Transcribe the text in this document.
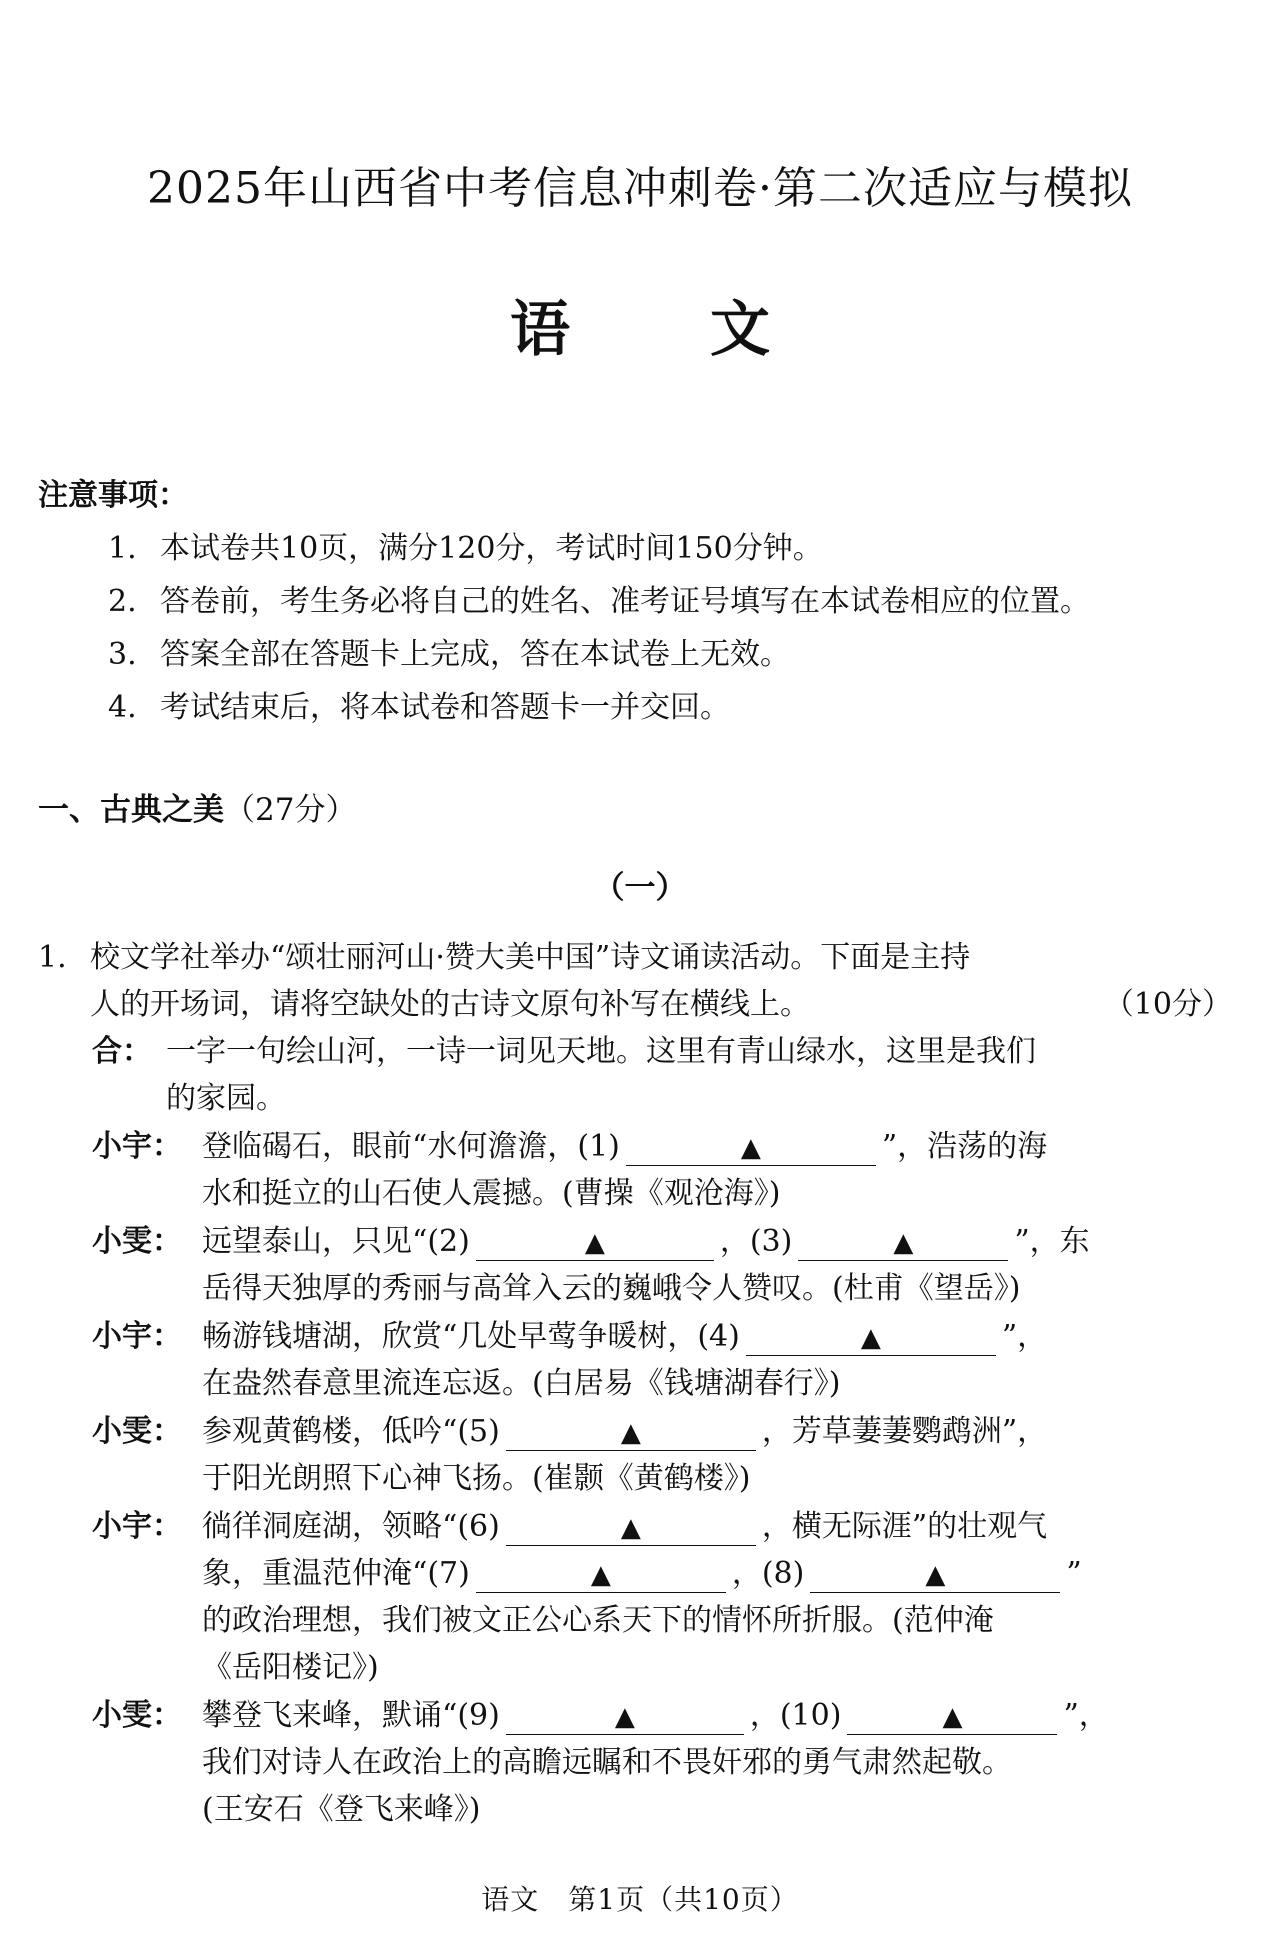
2025年山西省中考信息冲刺卷·第二次适应与模拟
语文
注意事项：
1. 本试卷共10页，满分120分，考试时间150分钟。
2. 答卷前，考生务必将自己的姓名、准考证号填写在本试卷相应的位置。
3. 答案全部在答题卡上完成，答在本试卷上无效。
4. 考试结束后，将本试卷和答题卡一并交回。
一、古典之美（27分）
（一）
1. 校文学社举办“颂壮丽河山·赞大美中国”诗文诵读活动。下面是主持
人的开场词，请将空缺处的古诗文原句补写在横线上。	（10分）
合： 一字一句绘山河，一诗一词见天地。这里有青山绿水，这里是我们
的家园。
小宇： 登临碣石，眼前“水何澹澹，(1)	▲	”，浩荡的海
水和挺立的山石使人震撼。(曹操《观沧海》)
小雯： 远望泰山，只见“(2)	▲	，(3)	▲	”，东
岳得天独厚的秀丽与高耸入云的巍峨令人赞叹。(杜甫《望岳》)
小宇： 畅游钱塘湖，欣赏“几处早莺争暖树，(4)	▲	”，
在盎然春意里流连忘返。(白居易《钱塘湖春行》)
小雯： 参观黄鹤楼，低吟“(5)	▲	，芳草萋萋鹦鹉洲”，
于阳光朗照下心神飞扬。(崔颢《黄鹤楼》)
小宇： 徜徉洞庭湖，领略“(6)	▲	，横无际涯”的壮观气
象，重温范仲淹“(7)	▲	，(8)	▲	”
的政治理想，我们被文正公心系天下的情怀所折服。(范仲淹
《岳阳楼记》)
小雯： 攀登飞来峰，默诵“(9)	▲	，(10)	▲	”，
我们对诗人在政治上的高瞻远瞩和不畏奸邪的勇气肃然起敬。
(王安石《登飞来峰》)
语文　第1页（共10页）
